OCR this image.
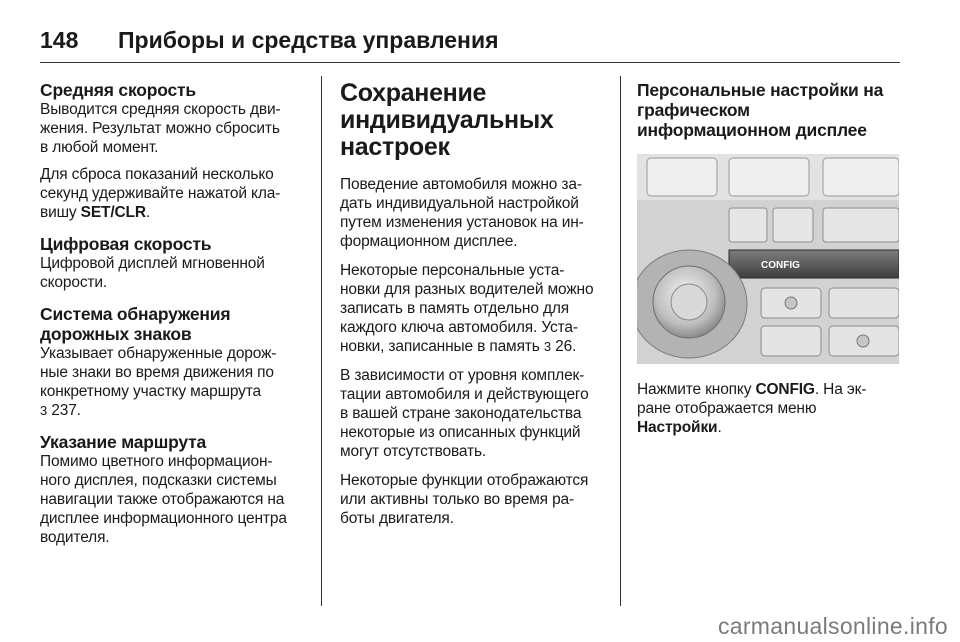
148	Приборы и средства управления
Средняя скорость

Выводится средняя скорость дви-
жения. Результат можно сбросить
в любой момент.

Для сброса показаний несколько
секунд удерживайте нажатой кла-
вишу SET/CLR.

Цифровая скорость

Цифровой дисплей мгновенной
скорости.

Система обнаружения
дорожных знаков

Указывает обнаруженные дорож-
ные знаки во время движения по
конкретному участку маршрута
3 237.

Указание маршрута

Помимо цветного информацион-
ного дисплея, подсказки системы
навигации также отображаются на
дисплее информационного центра
водителя.

Сохранение
индивидуальных
настроек

Поведение автомобиля можно за-
дать индивидуальной настройкой
путем изменения установок на ин-
формационном дисплее.

Некоторые персональные уста-
новки для разных водителей можно
записать в память отдельно для
каждого ключа автомобиля. Уста-
новки, записанные в память 3 26.

В зависимости от уровня комплек-
тации автомобиля и действующего
в вашей стране законодательства
некоторые из описанных функций
могут отсутствовать.

Некоторые функции отображаются
или активны только во время ра-
боты двигателя.

Персональные настройки на
графическом
информационном дисплее
CONFIG

Нажмите кнопку CONFIG. На эк-
ране отображается меню
Настройки.

carmanualsonline.info
